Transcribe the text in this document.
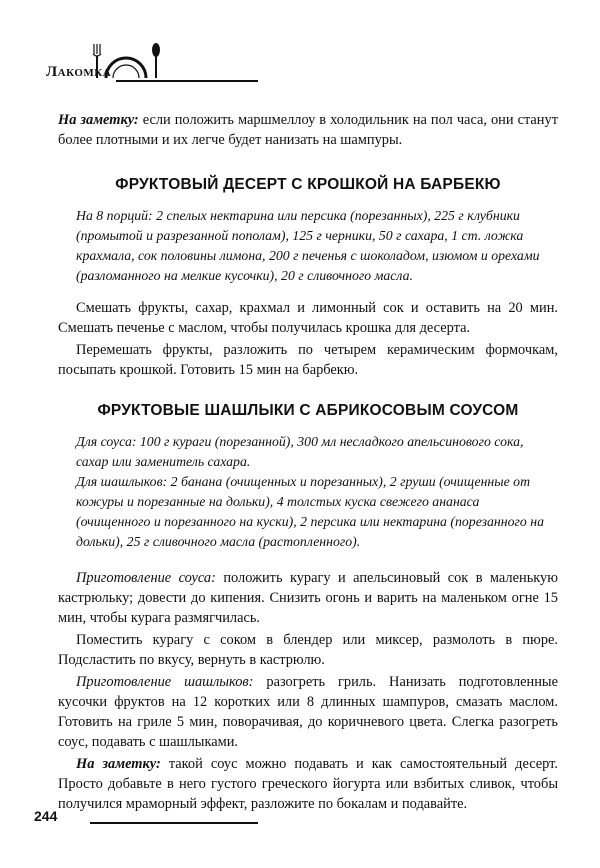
Лакомка

На заметку: если положить маршмеллоу в холодильник на пол часа, они станут более плотными и их легче будет нанизать на шампуры.

ФРУКТОВЫЙ ДЕСЕРТ С КРОШКОЙ НА БАРБЕКЮ

На 8 порций: 2 спелых нектарина или персика (порезанных), 225 г клубники (промытой и разрезанной пополам), 125 г черники, 50 г сахара, 1 ст. ложка крахмала, сок половины лимона, 200 г печенья с шоколадом, изюмом и орехами (разломанного на мелкие кусочки), 20 г сливочного масла.

Смешать фрукты, сахар, крахмал и лимонный сок и оставить на 20 мин. Смешать печенье с маслом, чтобы получилась крошка для десерта.

Перемешать фрукты, разложить по четырем керамическим формочкам, посыпать крошкой. Готовить 15 мин на барбекю.

ФРУКТОВЫЕ ШАШЛЫКИ С АБРИКОСОВЫМ СОУСОМ

Для соуса: 100 г кураги (порезанной), 300 мл несладкого апельсинового сока, сахар или заменитель сахара.

Для шашлыков: 2 банана (очищенных и порезанных), 2 груши (очищенные от кожуры и порезанные на дольки), 4 толстых куска свежего ананаса (очищенного и порезанного на куски), 2 персика или нектарина (порезанного на дольки), 25 г сливочного масла (растопленного).

Приготовление соуса: положить курагу и апельсиновый сок в маленькую кастрюльку; довести до кипения. Снизить огонь и варить на маленьком огне 15 мин, чтобы курага размягчилась.

Поместить курагу с соком в блендер или миксер, размолоть в пюре. Подсластить по вкусу, вернуть в кастрюлю.

Приготовление шашлыков: разогреть гриль. Нанизать подготовленные кусочки фруктов на 12 коротких или 8 длинных шампуров, смазать маслом. Готовить на гриле 5 мин, поворачивая, до коричневого цвета. Слегка разогреть соус, подавать с шашлыками.

На заметку: такой соус можно подавать и как самостоятельный десерт. Просто добавьте в него густого греческого йогурта или взбитых сливок, чтобы получился мраморный эффект, разложите по бокалам и подавайте.

244
